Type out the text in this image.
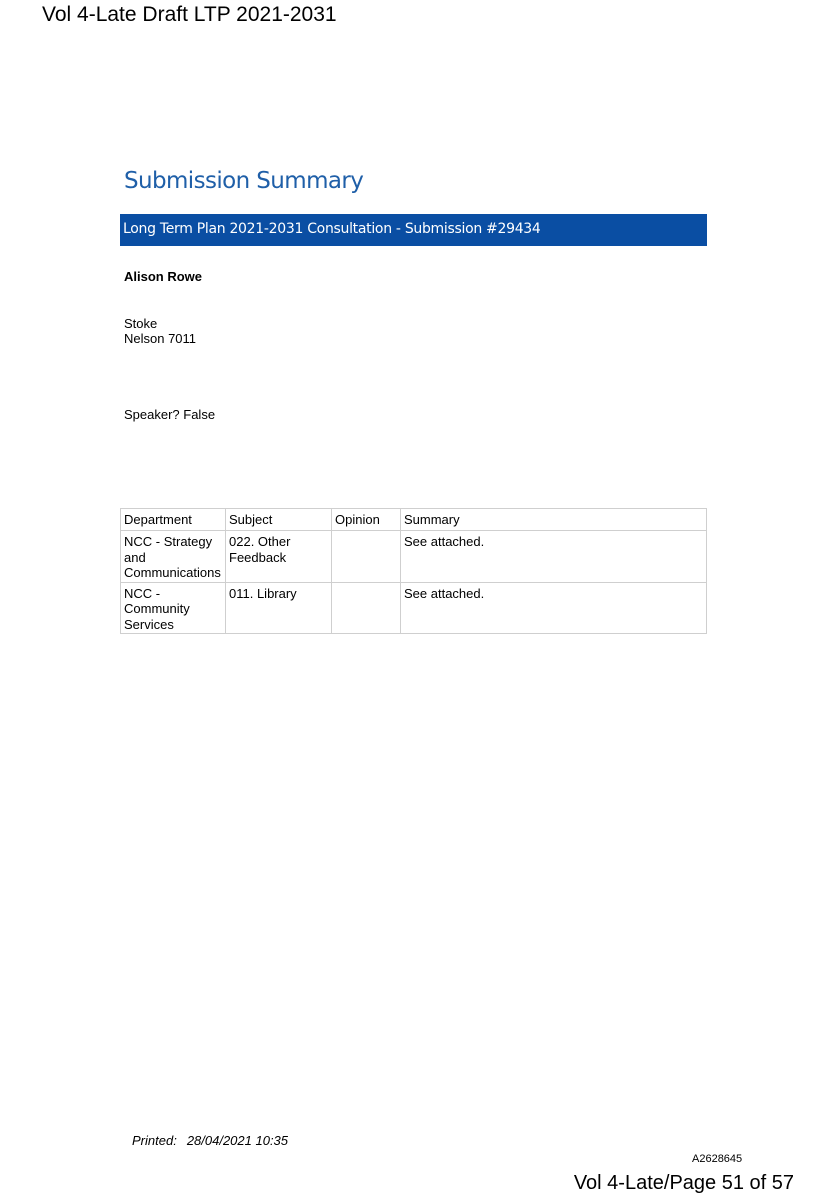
Vol 4-Late Draft LTP 2021-2031
Submission Summary
Long Term Plan 2021-2031 Consultation - Submission #29434
Alison Rowe
Stoke
Nelson 7011
Speaker? False
Department	Subject	Opinion	Summary
NCC - Strategy and Communications	022. Other Feedback		See attached.
NCC - Community Services	011. Library		See attached.
Printed: 28/04/2021 10:35
A2628645
Vol 4-Late/Page 51 of 57
